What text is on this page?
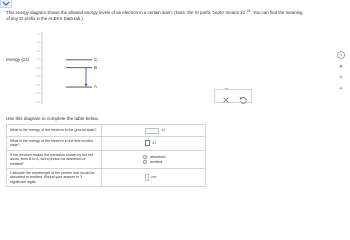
This energy diagram shows the allowed energy levels of an electron in a certain atom. (Note: the SI prefix 'zepto' means $10^{-21}$. You can find the meaning of any SI prefix in the ALEKS Data tab.)
energy (zJ)
0
–25
–50
–75
–100
–125
–150
–175
–200
C
B
A
Use this diagram to complete the table below.
What is the energy of the electron in the ground state?	zJ

What is the energy of the electron in the first excited state?	zJ

If the electron makes the transition shown by the red arrow, from B to A, will a photon be absorbed or emitted?	absorbed
emitted

Calculate the wavelength of the photon that would be absorbed or emitted. Round your answer to 3 significant digits.	nm
?
▦
Ar
▤
